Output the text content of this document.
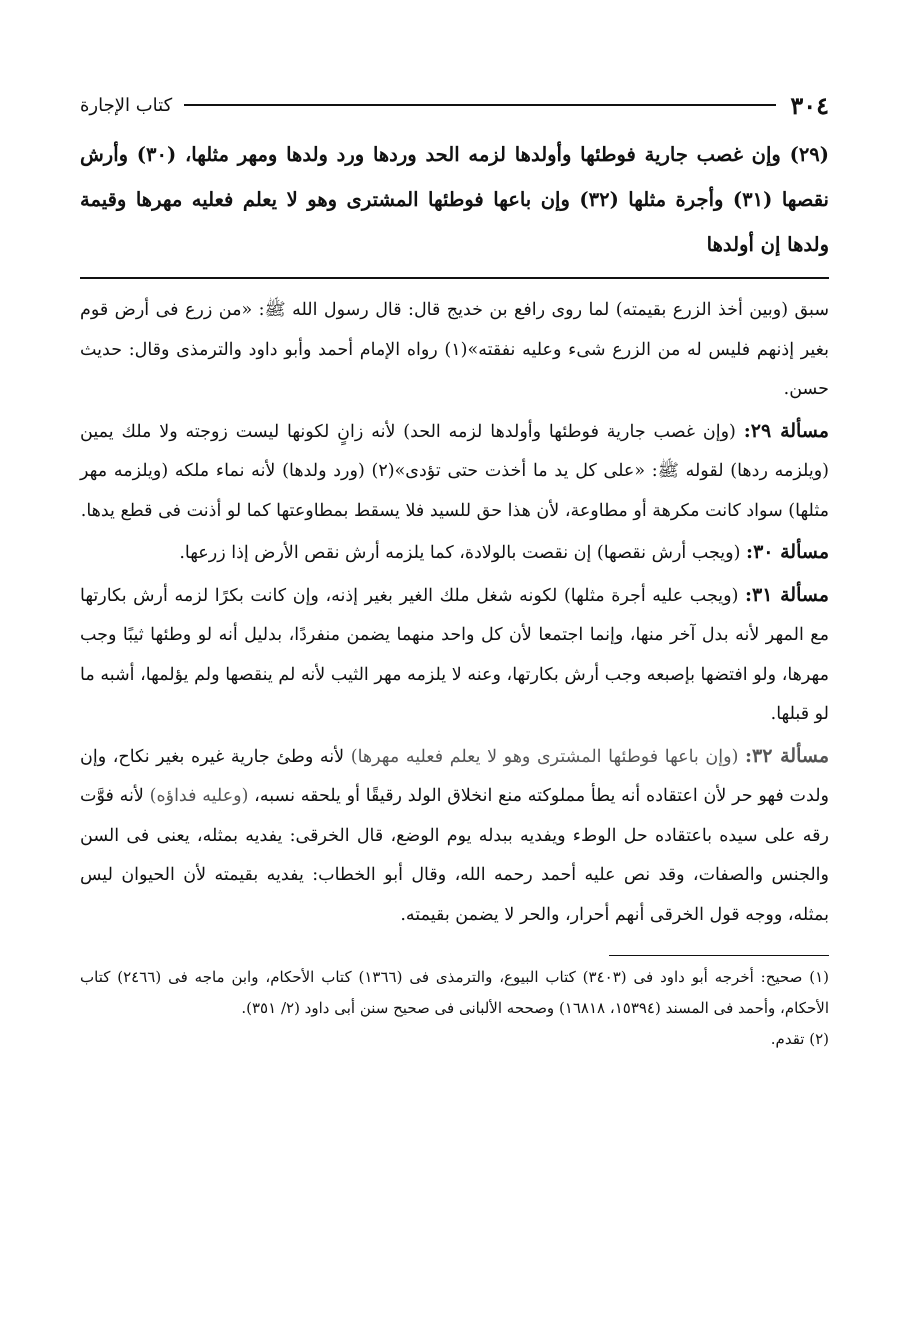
٣٠٤
كتاب الإجارة
(٢٩) وإن غصب جارية فوطئها وأولدها لزمه الحد وردها ورد ولدها ومهر مثلها، (٣٠) وأرش نقصها (٣١) وأجرة مثلها (٣٢) وإن باعها فوطئها المشترى وهو لا يعلم فعليه مهرها وقيمة ولدها إن أولدها

سبق (وبين أخذ الزرع بقيمته) لما روى رافع بن خديج قال: قال رسول الله ﷺ: «من زرع فى أرض قوم بغير إذنهم فليس له من الزرع شىء وعليه نفقته»(١) رواه الإمام أحمد وأبو داود والترمذى وقال: حديث حسن.

مسألة ٢٩: (وإن غصب جارية فوطئها وأولدها لزمه الحد) لأنه زانٍ لكونها ليست زوجته ولا ملك يمين (ويلزمه ردها) لقوله ﷺ: «على كل يد ما أخذت حتى تؤدى»(٢) (ورد ولدها) لأنه نماء ملكه (ويلزمه مهر مثلها) سواد كانت مكرهة أو مطاوعة، لأن هذا حق للسيد فلا يسقط بمطاوعتها كما لو أذنت فى قطع يدها.

مسألة ٣٠: (ويجب أرش نقصها) إن نقصت بالولادة، كما يلزمه أرش نقص الأرض إذا زرعها.

مسألة ٣١: (ويجب عليه أجرة مثلها) لكونه شغل ملك الغير بغير إذنه، وإن كانت بكرًا لزمه أرش بكارتها مع المهر لأنه بدل آخر منها، وإنما اجتمعا لأن كل واحد منهما يضمن منفردًا، بدليل أنه لو وطئها ثيبًا وجب مهرها، ولو افتضها بإصبعه وجب أرش بكارتها، وعنه لا يلزمه مهر الثيب لأنه لم ينقصها ولم يؤلمها، أشبه ما لو قبلها.

مسألة ٣٢: (وإن باعها فوطئها المشترى وهو لا يعلم فعليه مهرها) لأنه وطئ جارية غيره بغير نكاح، وإن ولدت فهو حر لأن اعتقاده أنه يطأ مملوكته منع انخلاق الولد رقيقًا أو يلحقه نسبه، (وعليه فداؤه) لأنه فوَّت رقه على سيده باعتقاده حل الوطء ويفديه ببدله يوم الوضع، قال الخرقى: يفديه بمثله، يعنى فى السن والجنس والصفات، وقد نص عليه أحمد رحمه الله، وقال أبو الخطاب: يفديه بقيمته لأن الحيوان ليس بمثله، ووجه قول الخرقى أنهم أحرار، والحر لا يضمن بقيمته.

(١) صحيح: أخرجه أبو داود فى (٣٤٠٣) كتاب البيوع، والترمذى فى (١٣٦٦) كتاب الأحكام، وابن ماجه فى (٢٤٦٦) كتاب الأحكام، وأحمد فى المسند (١٥٣٩٤، ١٦٨١٨) وصححه الألبانى فى صحيح سنن أبى داود (٢/ ٣٥١).

(٢) تقدم.
